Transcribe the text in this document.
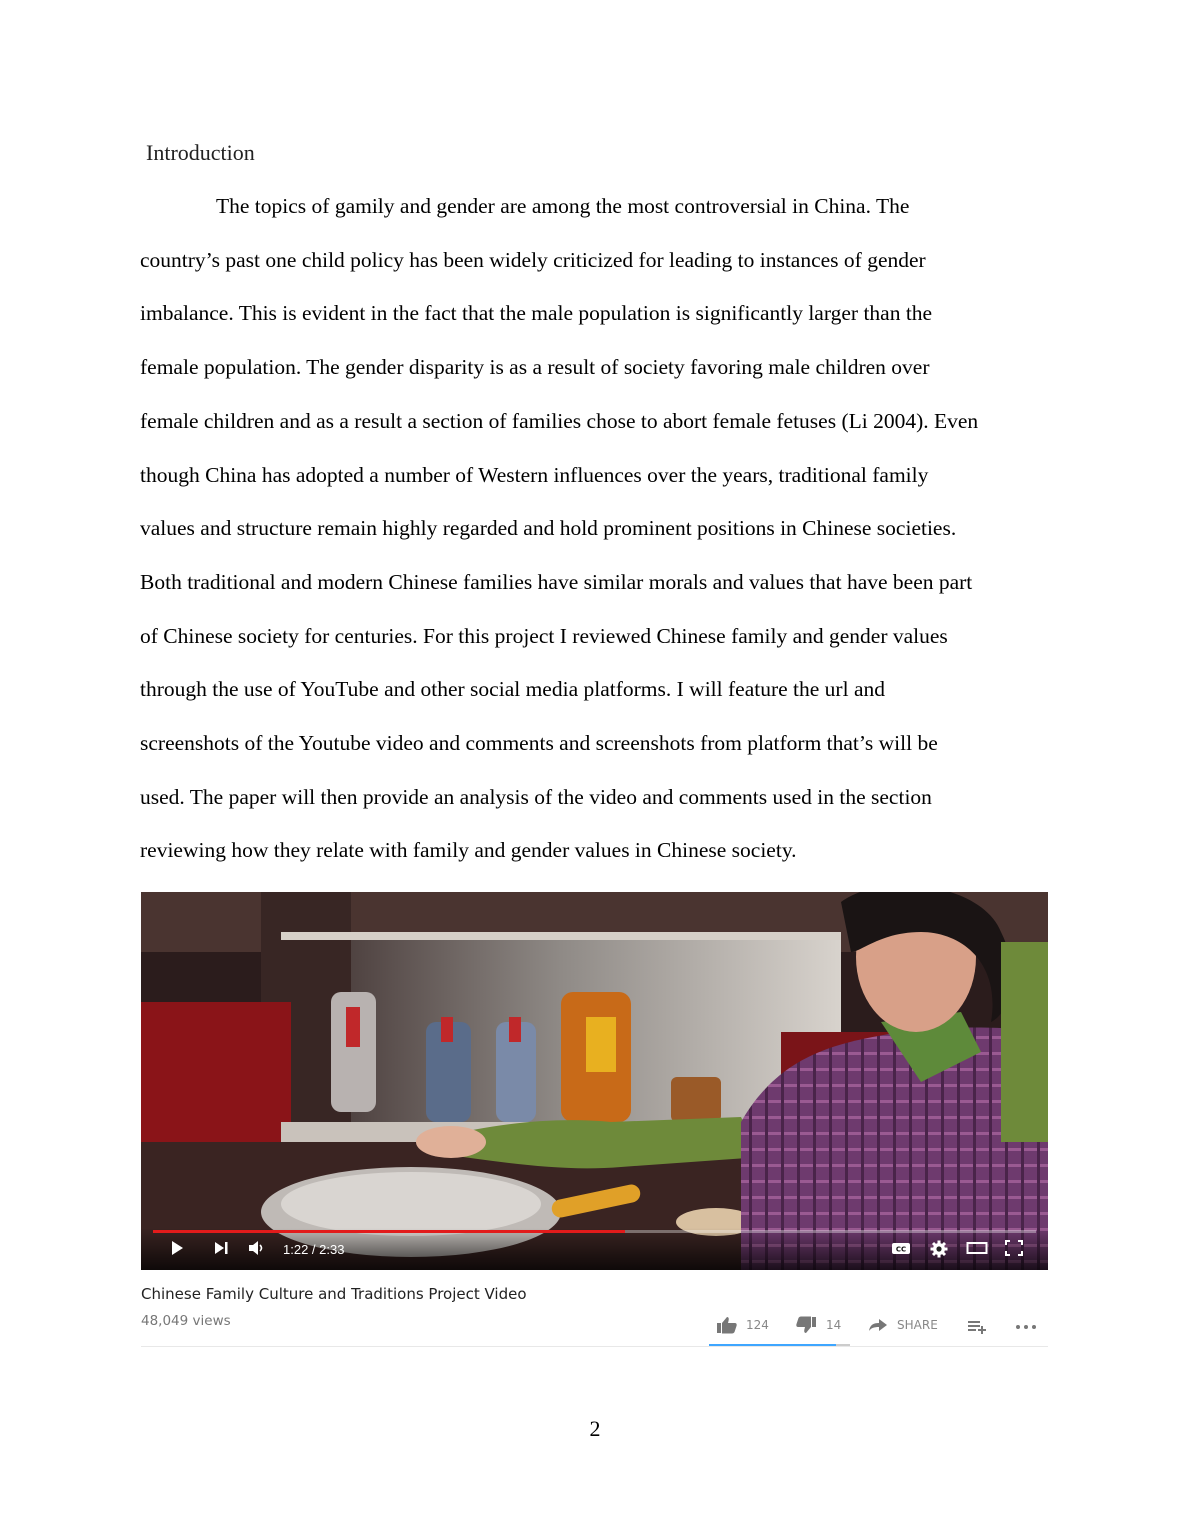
Introduction
The topics of gamily and gender are among the most controversial in China. The
country’s past one child policy has been widely criticized for leading to instances of gender
imbalance. This is evident in the fact that the male population is significantly larger than the
female population. The gender disparity is as a result of society favoring male children over
female children and as a result a section of families chose to abort female fetuses (Li 2004). Even
though China has adopted a number of Western influences over the years, traditional family
values and structure remain highly regarded and hold prominent positions in Chinese societies.
Both traditional and modern Chinese families have similar morals and values that have been part
of Chinese society for centuries. For this project I reviewed Chinese family and gender values
through the use of YouTube and other social media platforms. I will feature the url and
screenshots of the Youtube video and comments and screenshots from platform that’s will be
used. The paper will then provide an analysis of the video and comments used in the section
reviewing how they relate with family and gender values in Chinese society.
1:22 / 2:33	CC
Chinese Family Culture and Traditions Project Video
48,049 views	124	14	SHARE
2
